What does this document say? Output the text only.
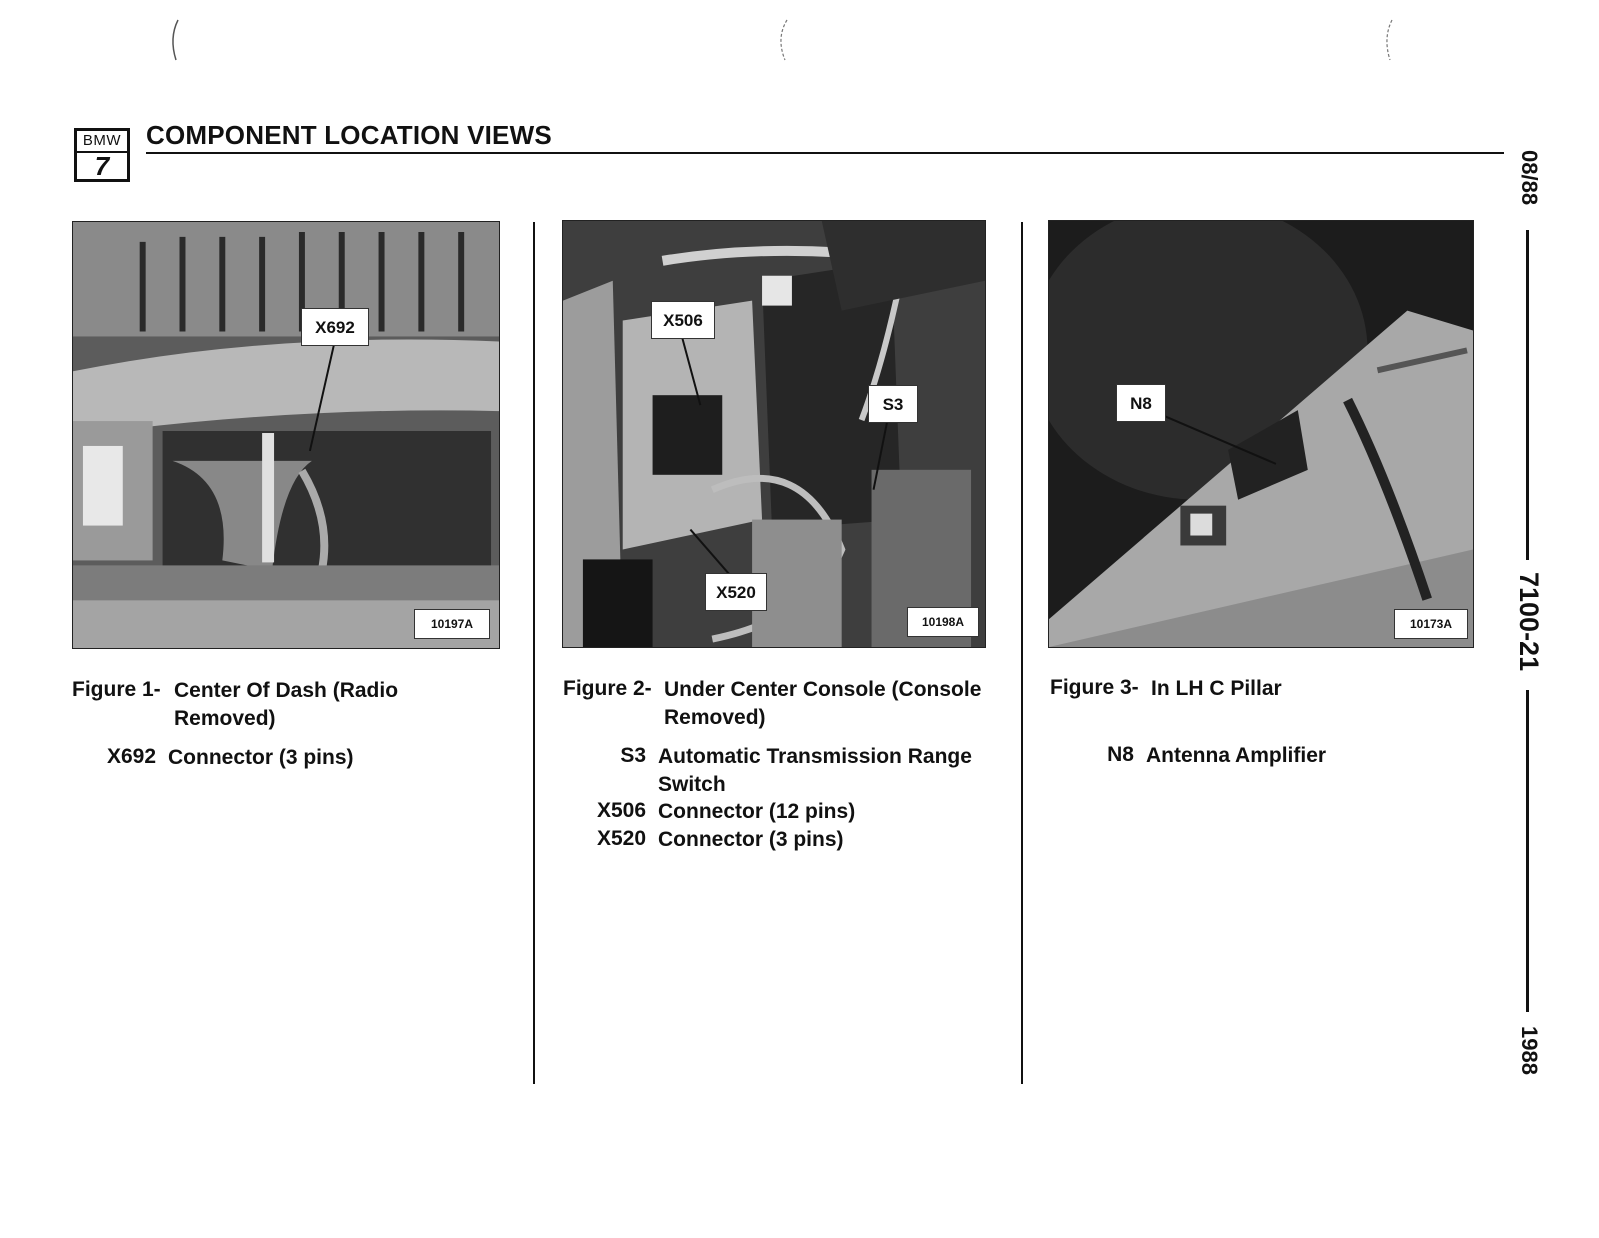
BMW
7
COMPONENT LOCATION VIEWS
08/88
7100-21
1988
X692
10197A
Figure 1- Center Of Dash (Radio Removed)
X692 Connector (3 pins)
X506
S3
X520
10198A
Figure 2- Under Center Console (Console Removed)
S3 Automatic Transmission Range Switch
X506 Connector (12 pins)
X520 Connector (3 pins)
N8
10173A
Figure 3- In LH C Pillar
N8 Antenna Amplifier
